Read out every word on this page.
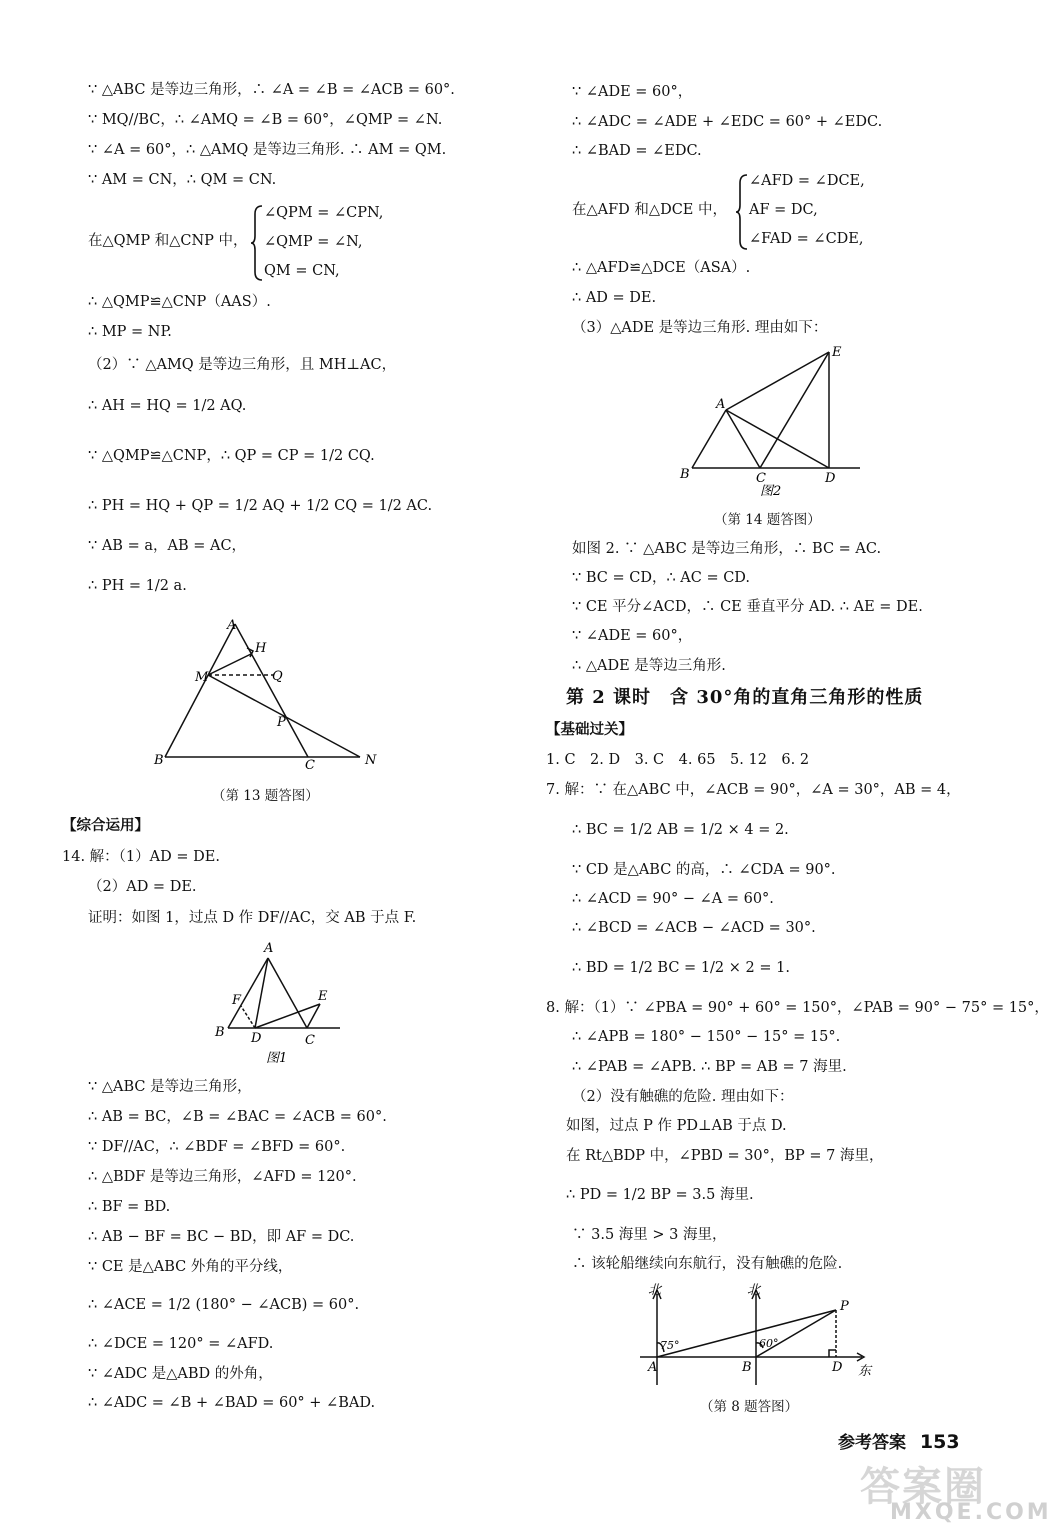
∵ △ABC 是等边三角形，∴ ∠A = ∠B = ∠ACB = 60°.
∵ MQ//BC，∴ ∠AMQ = ∠B = 60°，∠QMP = ∠N.
∵ ∠A = 60°，∴ △AMQ 是等边三角形. ∴ AM = QM.
∵ AM = CN，∴ QM = CN.
在△QMP 和△CNP 中，
∠QPM = ∠CPN,
∠QMP = ∠N,
QM = CN,
∴ △QMP≌△CNP（AAS）.
∴ MP = NP.
（2）∵ △AMQ 是等边三角形，且 MH⊥AC，
∴ AH = HQ = 1/2 AQ.
∵ △QMP≌△CNP，∴ QP = CP = 1/2 CQ.
∴ PH = HQ + QP = 1/2 AQ + 1/2 CQ = 1/2 AC.
∵ AB = a，AB = AC，
∴ PH = 1/2 a.
A
H
M	Q
P
B	C	N
（第 13 题答图）
【综合运用】
14. 解：（1）AD = DE.
（2）AD = DE.
证明：如图 1，过点 D 作 DF//AC，交 AB 于点 F.
A
F	E
B D	C
图1
∵ △ABC 是等边三角形，
∴ AB = BC，∠B = ∠BAC = ∠ACB = 60°.
∵ DF//AC，∴ ∠BDF = ∠BFD = 60°.
∴ △BDF 是等边三角形，∠AFD = 120°.
∴ BF = BD.
∴ AB − BF = BC − BD，即 AF = DC.
∵ CE 是△ABC 外角的平分线，
∴ ∠ACE = 1/2 (180° − ∠ACB) = 60°.
∴ ∠DCE = 120° = ∠AFD.
∵ ∠ADC 是△ABD 的外角，
∴ ∠ADC = ∠B + ∠BAD = 60° + ∠BAD.
∵ ∠ADE = 60°，
∴ ∠ADC = ∠ADE + ∠EDC = 60° + ∠EDC.
∴ ∠BAD = ∠EDC.
在△AFD 和△DCE 中，
∠AFD = ∠DCE,
AF = DC,
∠FAD = ∠CDE,
∴ △AFD≌△DCE（ASA）.
∴ AD = DE.
（3）△ADE 是等边三角形. 理由如下：
E
A
B	C	D
图2
（第 14 题答图）
如图 2. ∵ △ABC 是等边三角形，∴ BC = AC.
∵ BC = CD，∴ AC = CD.
∵ CE 平分∠ACD，∴ CE 垂直平分 AD. ∴ AE = DE.
∵ ∠ADE = 60°，
∴ △ADE 是等边三角形.
第 2 课时　含 30°角的直角三角形的性质
【基础过关】
1. C　2. D　3. C　4. 65　5. 12　6. 2
7. 解：∵ 在△ABC 中，∠ACB = 90°，∠A = 30°，AB = 4，
∴ BC = 1/2 AB = 1/2 × 4 = 2.
∵ CD 是△ABC 的高，∴ ∠CDA = 90°.
∴ ∠ACD = 90° − ∠A = 60°.
∴ ∠BCD = ∠ACB − ∠ACD = 30°.
∴ BD = 1/2 BC = 1/2 × 2 = 1.
8. 解：（1）∵ ∠PBA = 90° + 60° = 150°，∠PAB = 90° − 75° = 15°，
∴ ∠APB = 180° − 150° − 15° = 15°.
∴ ∠PAB = ∠APB. ∴ BP = AB = 7 海里.
（2）没有触礁的危险. 理由如下：
如图，过点 P 作 PD⊥AB 于点 D.
在 Rt△BDP 中，∠PBD = 30°，BP = 7 海里，
∴ PD = 1/2 BP = 3.5 海里.
∵ 3.5 海里 > 3 海里，
∴ 该轮船继续向东航行，没有触礁的危险.
北	北
P
75°	60°
A	B	D 东
（第 8 题答图）
参考答案 153
答案圈
MXQE.COM
